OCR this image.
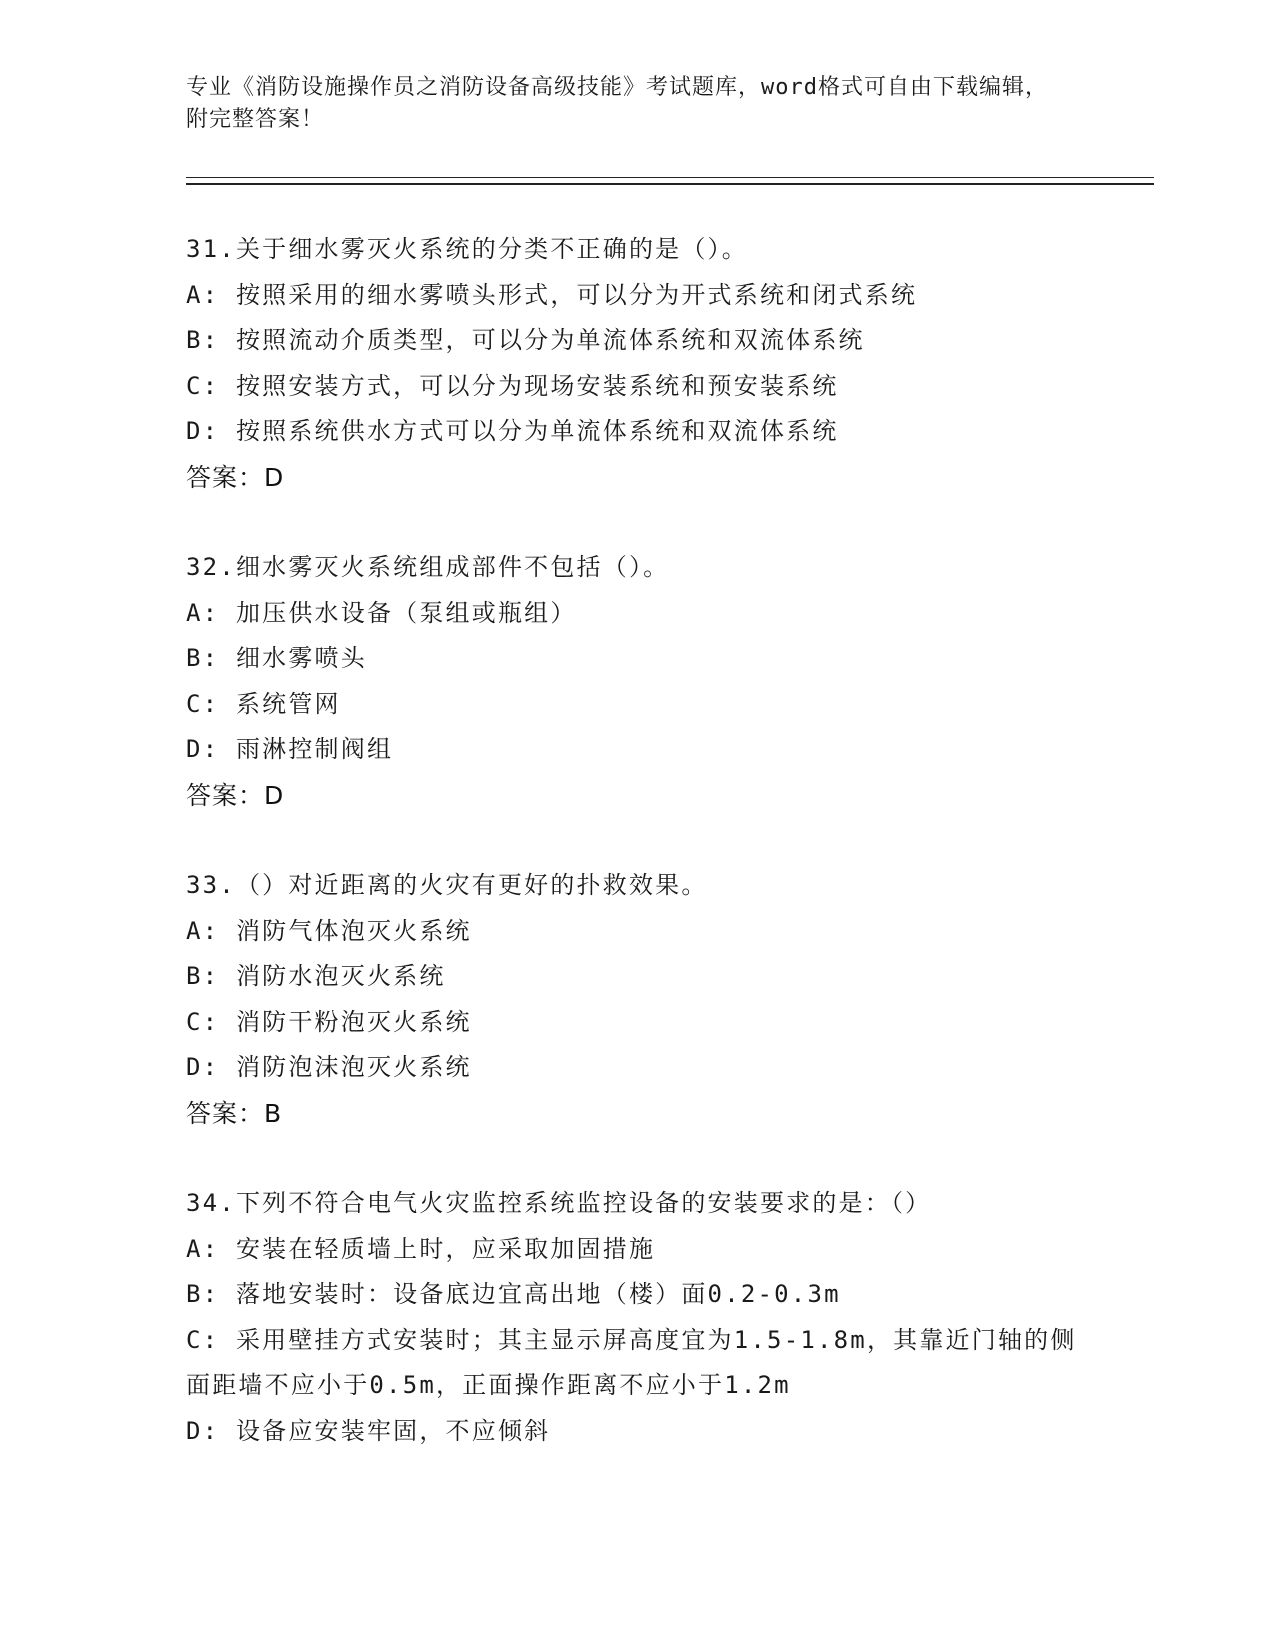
专业《消防设施操作员之消防设备高级技能》考试题库，word格式可自由下载编辑，附完整答案！
31.关于细水雾灭火系统的分类不正确的是（）。
A: 按照采用的细水雾喷头形式，可以分为开式系统和闭式系统
B: 按照流动介质类型，可以分为单流体系统和双流体系统
C: 按照安装方式，可以分为现场安装系统和预安装系统
D: 按照系统供水方式可以分为单流体系统和双流体系统
答案：D
32.细水雾灭火系统组成部件不包括（）。
A: 加压供水设备（泵组或瓶组）
B: 细水雾喷头
C: 系统管网
D: 雨淋控制阀组
答案：D
33.（）对近距离的火灾有更好的扑救效果。
A: 消防气体泡灭火系统
B: 消防水泡灭火系统
C: 消防干粉泡灭火系统
D: 消防泡沫泡灭火系统
答案：B
34.下列不符合电气火灾监控系统监控设备的安装要求的是：（）
A: 安装在轻质墙上时，应采取加固措施
B: 落地安装时：设备底边宜高出地（楼）面0.2-0.3m
C: 采用壁挂方式安装时；其主显示屏高度宜为1.5-1.8m，其靠近门轴的侧面距墙不应小于0.5m，正面操作距离不应小于1.2m
D: 设备应安装牢固，不应倾斜
